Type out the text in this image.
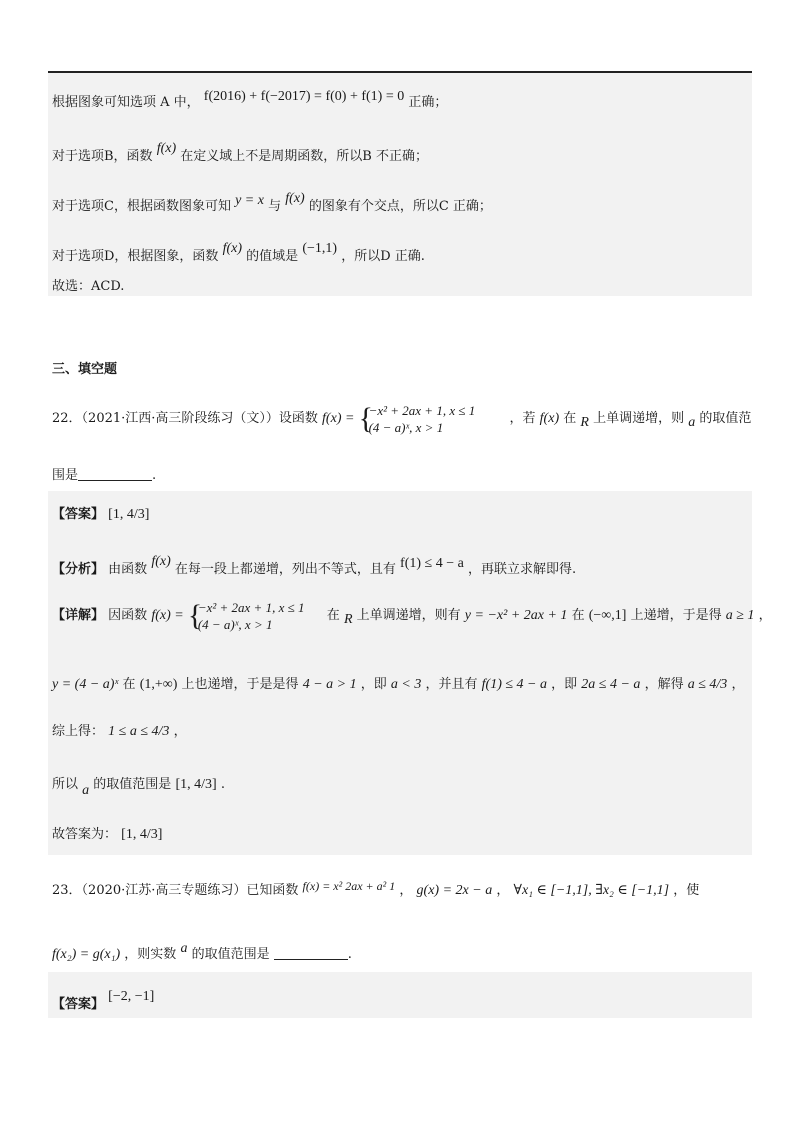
根据图象可知选项 A 中， f(2016) + f(−2017) = f(0) + f(1) = 0 正确；
对于选项B，函数 f(x) 在定义域上不是周期函数，所以B 不正确；
对于选项C，根据函数图象可知 y = x 与 f(x) 的图象有个交点，所以C 正确；
对于选项D，根据图象，函数 f(x) 的值域是 (−1,1) ，所以D 正确.
故选：ACD.
三、填空题
22．（2021·江西·高三阶段练习（文））设函数 f(x) = {
−x² + 2ax + 1, x ≤ 1
(4 − a)ˣ, x > 1
，若 f(x) 在 R 上单调递增，则 a 的取值范
围是	.
【答案】 [1, 4/3]
【分析】 由函数 f(x) 在每一段上都递增，列出不等式，且有 f(1) ≤ 4 − a ，再联立求解即得.
【详解】 因函数 f(x) = {
−x² + 2ax + 1, x ≤ 1
(4 − a)ˣ, x > 1
在 R 上单调递增，则有 y = −x² + 2ax + 1 在 (−∞,1] 上递增，于是得 a ≥ 1 ，
y = (4 − a)ˣ 在 (1,+∞) 上也递增，于是是得 4 − a > 1 ，即 a < 3 ，并且有 f(1) ≤ 4 − a ，即 2a ≤ 4 − a ，解得 a ≤ 4/3 ，
综上得： 1 ≤ a ≤ 4/3 ，
所以 a 的取值范围是 [1, 4/3] .
故答案为： [1, 4/3]
23．（2020·江苏·高三专题练习）已知函数 f(x) = x² 2ax + a² 1 ， g(x) = 2x − a ， ∀x₁ ∈ [−1,1], ∃x₂ ∈ [−1,1] ，使
f(x₂) = g(x₁) ，则实数 a 的取值范围是	.
【答案】 [−2, −1]
